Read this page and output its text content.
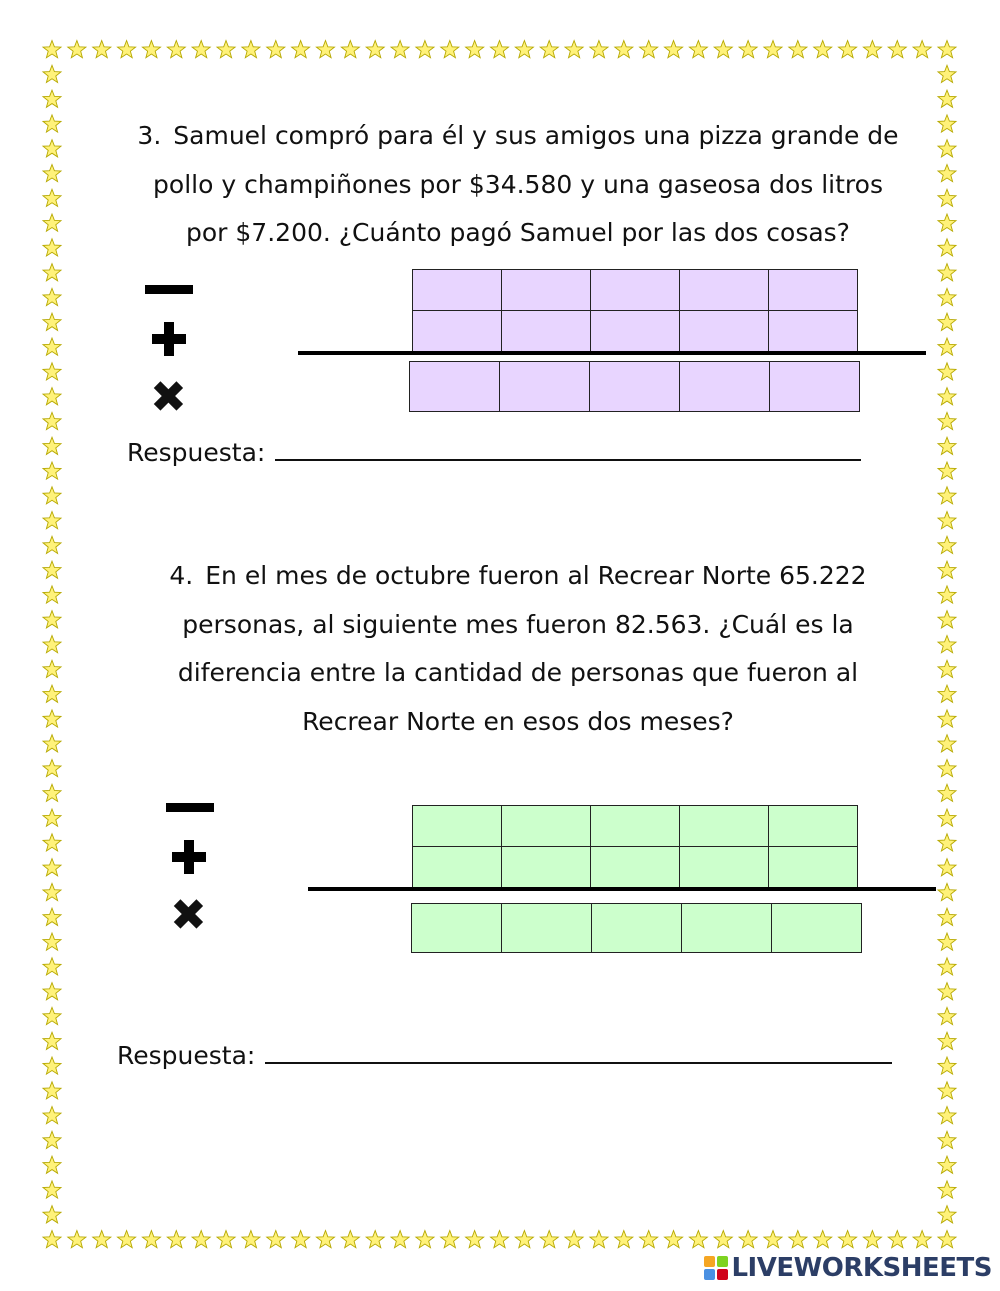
3. Samuel compró para él y sus amigos una pizza grande de
pollo y champiñones por $34.580 y una gaseosa dos litros
por $7.200. ¿Cuánto pagó Samuel por las dos cosas?
✖

Respuesta:
4. En el mes de octubre fueron al Recrear Norte 65.222
personas, al siguiente mes fueron 82.563. ¿Cuál es la
diferencia entre la cantidad de personas que fueron al
Recrear Norte en esos dos meses?
✖

Respuesta:
LIVEWORKSHEETS
